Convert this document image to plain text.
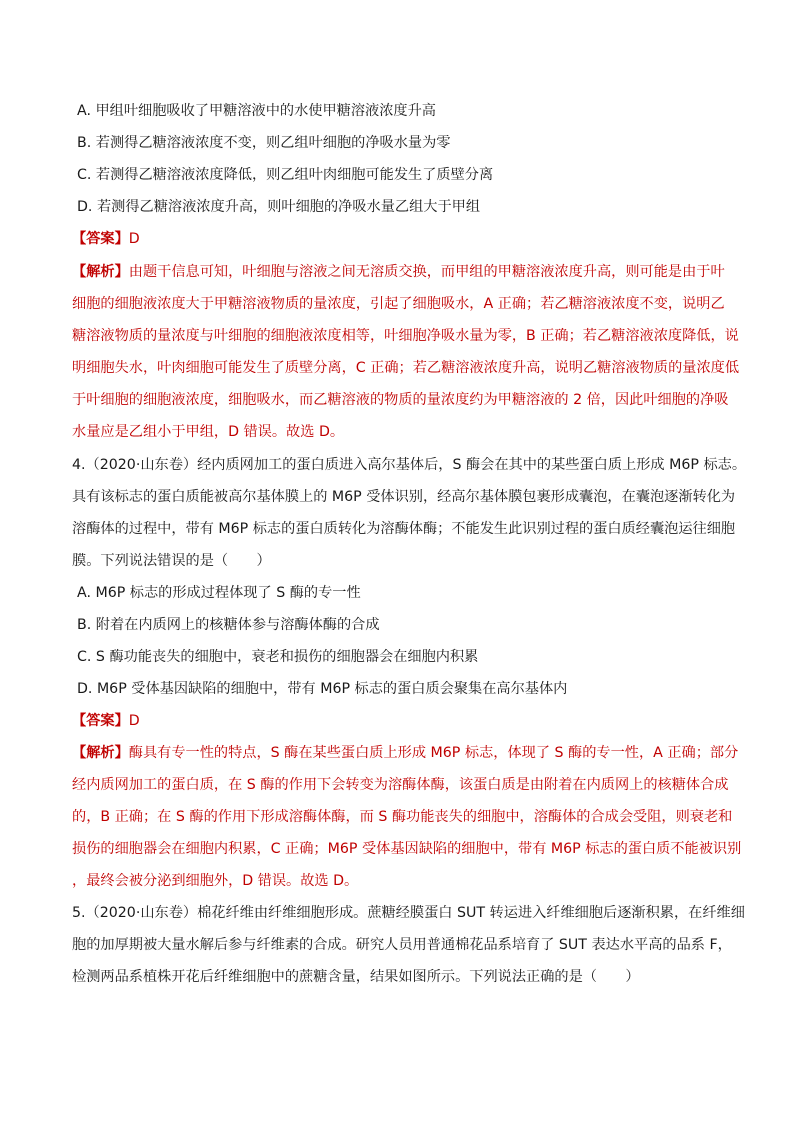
A. 甲组叶细胞吸收了甲糖溶液中的水使甲糖溶液浓度升高
B. 若测得乙糖溶液浓度不变，则乙组叶细胞的净吸水量为零
C. 若测得乙糖溶液浓度降低，则乙组叶肉细胞可能发生了质壁分离
D. 若测得乙糖溶液浓度升高，则叶细胞的净吸水量乙组大于甲组
【答案】D
【解析】由题干信息可知，叶细胞与溶液之间无溶质交换，而甲组的甲糖溶液浓度升高，则可能是由于叶
细胞的细胞液浓度大于甲糖溶液物质的量浓度，引起了细胞吸水，A 正确；若乙糖溶液浓度不变，说明乙
糖溶液物质的量浓度与叶细胞的细胞液浓度相等，叶细胞净吸水量为零，B 正确；若乙糖溶液浓度降低，说
明细胞失水，叶肉细胞可能发生了质壁分离，C 正确；若乙糖溶液浓度升高，说明乙糖溶液物质的量浓度低
于叶细胞的细胞液浓度，细胞吸水，而乙糖溶液的物质的量浓度约为甲糖溶液的 2 倍，因此叶细胞的净吸
水量应是乙组小于甲组，D 错误。故选 D。
4.（2020·山东卷）经内质网加工的蛋白质进入高尔基体后，S 酶会在其中的某些蛋白质上形成 M6P 标志。
具有该标志的蛋白质能被高尔基体膜上的 M6P 受体识别，经高尔基体膜包裹形成囊泡，在囊泡逐渐转化为
溶酶体的过程中，带有 M6P 标志的蛋白质转化为溶酶体酶；不能发生此识别过程的蛋白质经囊泡运往细胞
膜。下列说法错误的是（　　）
A. M6P 标志的形成过程体现了 S 酶的专一性
B. 附着在内质网上的核糖体参与溶酶体酶的合成
C. S 酶功能丧失的细胞中，衰老和损伤的细胞器会在细胞内积累
D. M6P 受体基因缺陷的细胞中，带有 M6P 标志的蛋白质会聚集在高尔基体内
【答案】D
【解析】酶具有专一性的特点，S 酶在某些蛋白质上形成 M6P 标志，体现了 S 酶的专一性，A 正确；部分
经内质网加工的蛋白质，在 S 酶的作用下会转变为溶酶体酶，该蛋白质是由附着在内质网上的核糖体合成
的，B 正确；在 S 酶的作用下形成溶酶体酶，而 S 酶功能丧失的细胞中，溶酶体的合成会受阻，则衰老和
损伤的细胞器会在细胞内积累，C 正确；M6P 受体基因缺陷的细胞中，带有 M6P 标志的蛋白质不能被识别
，最终会被分泌到细胞外，D 错误。故选 D。
5.（2020·山东卷）棉花纤维由纤维细胞形成。蔗糖经膜蛋白 SUT 转运进入纤维细胞后逐渐积累，在纤维细
胞的加厚期被大量水解后参与纤维素的合成。研究人员用普通棉花品系培育了 SUT 表达水平高的品系 F，
检测两品系植株开花后纤维细胞中的蔗糖含量，结果如图所示。下列说法正确的是（　　）
